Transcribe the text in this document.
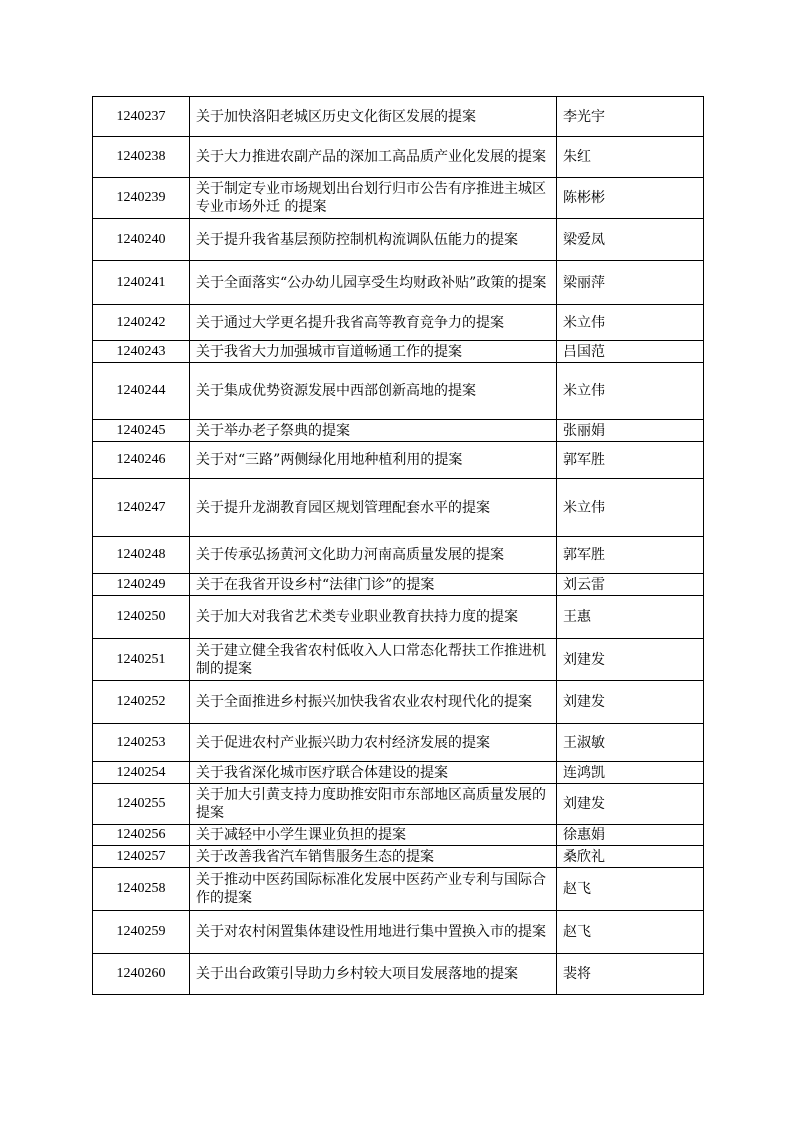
1240237	关于加快洛阳老城区历史文化街区发展的提案	李光宇
1240238	关于大力推进农副产品的深加工高品质产业化发展的提案	朱红
1240239	关于制定专业市场规划出台划行归市公告有序推进主城区专业市场外迁 的提案	陈彬彬
1240240	关于提升我省基层预防控制机构流调队伍能力的提案	梁爱凤
1240241	关于全面落实“公办幼儿园享受生均财政补贴”政策的提案	梁丽萍
1240242	关于通过大学更名提升我省高等教育竞争力的提案	米立伟
1240243	关于我省大力加强城市盲道畅通工作的提案	吕国范
1240244	关于集成优势资源发展中西部创新高地的提案	米立伟
1240245	关于举办老子祭典的提案	张丽娟
1240246	关于对“三路”两侧绿化用地种植利用的提案	郭军胜
1240247	关于提升龙湖教育园区规划管理配套水平的提案	米立伟
1240248	关于传承弘扬黄河文化助力河南高质量发展的提案	郭军胜
1240249	关于在我省开设乡村“法律门诊”的提案	刘云雷
1240250	关于加大对我省艺术类专业职业教育扶持力度的提案	王惠
1240251	关于建立健全我省农村低收入人口常态化帮扶工作推进机制的提案	刘建发
1240252	关于全面推进乡村振兴加快我省农业农村现代化的提案	刘建发
1240253	关于促进农村产业振兴助力农村经济发展的提案	王淑敏
1240254	关于我省深化城市医疗联合体建设的提案	连鸿凯
1240255	关于加大引黄支持力度助推安阳市东部地区高质量发展的提案	刘建发
1240256	关于减轻中小学生课业负担的提案	徐惠娟
1240257	关于改善我省汽车销售服务生态的提案	桑欣礼
1240258	关于推动中医药国际标准化发展中医药产业专利与国际合作的提案	赵飞
1240259	关于对农村闲置集体建设性用地进行集中置换入市的提案	赵飞
1240260	关于出台政策引导助力乡村较大项目发展落地的提案	裴将
